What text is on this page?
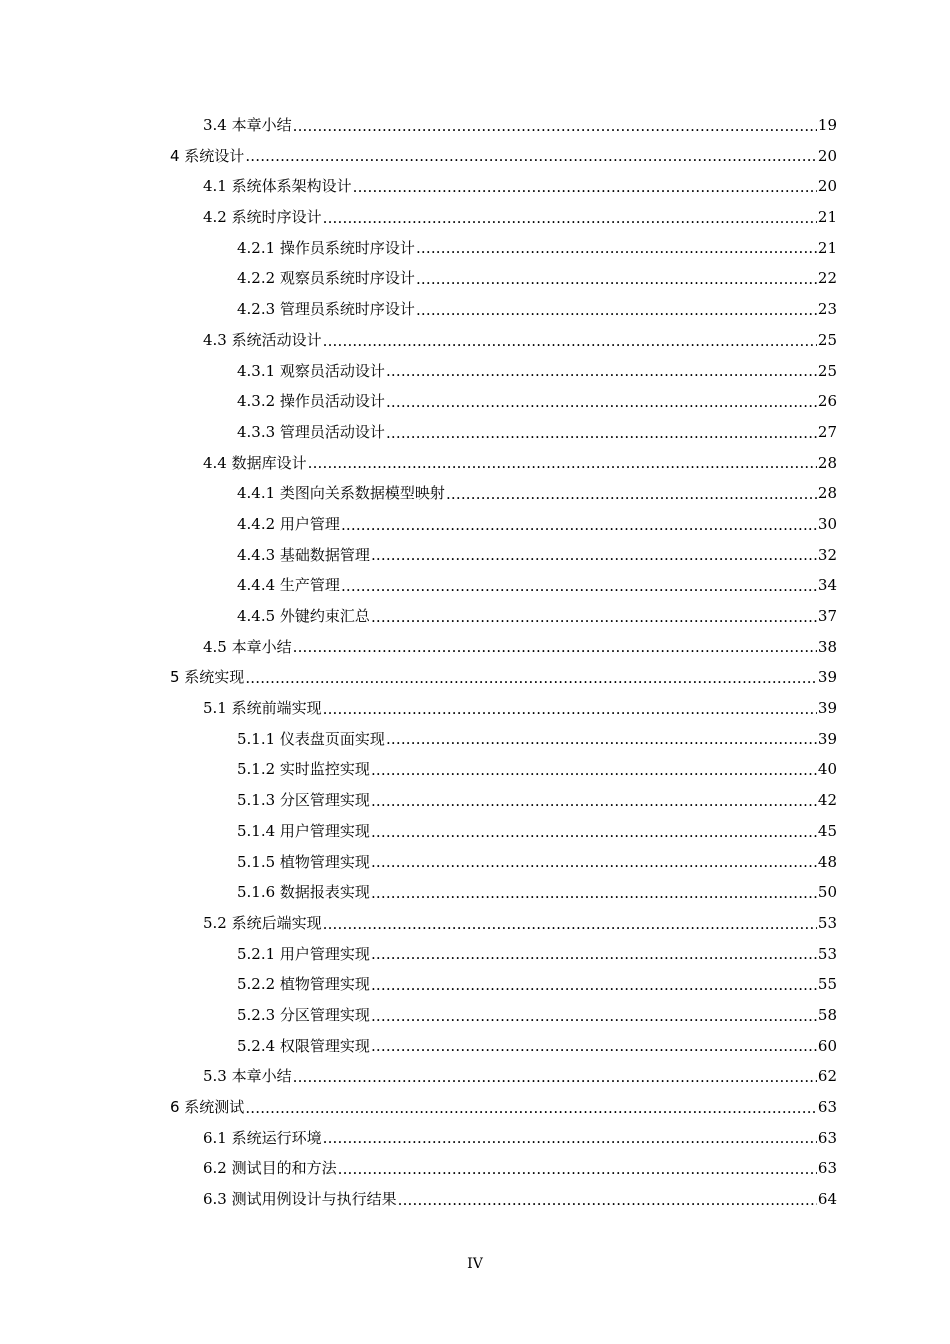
3.4 本章小结 .....	19
4 系统设计 .....	20
4.1 系统体系架构设计 .....	20
4.2 系统时序设计 .....	21
4.2.1 操作员系统时序设计 .....	21
4.2.2 观察员系统时序设计 .....	22
4.2.3 管理员系统时序设计 .....	23
4.3 系统活动设计 .....	25
4.3.1 观察员活动设计 .....	25
4.3.2 操作员活动设计 .....	26
4.3.3 管理员活动设计 .....	27
4.4 数据库设计 .....	28
4.4.1 类图向关系数据模型映射 .....	28
4.4.2 用户管理 .....	30
4.4.3 基础数据管理 .....	32
4.4.4 生产管理 .....	34
4.4.5 外键约束汇总 .....	37
4.5 本章小结 .....	38
5 系统实现 .....	39
5.1 系统前端实现 .....	39
5.1.1 仪表盘页面实现 .....	39
5.1.2 实时监控实现 .....	40
5.1.3 分区管理实现 .....	42
5.1.4 用户管理实现 .....	45
5.1.5 植物管理实现 .....	48
5.1.6 数据报表实现 .....	50
5.2 系统后端实现 .....	53
5.2.1 用户管理实现 .....	53
5.2.2 植物管理实现 .....	55
5.2.3 分区管理实现 .....	58
5.2.4 权限管理实现 .....	60
5.3 本章小结 .....	62
6 系统测试 .....	63
6.1 系统运行环境 .....	63
6.2 测试目的和方法 .....	63
6.3 测试用例设计与执行结果 .....	64
IV
